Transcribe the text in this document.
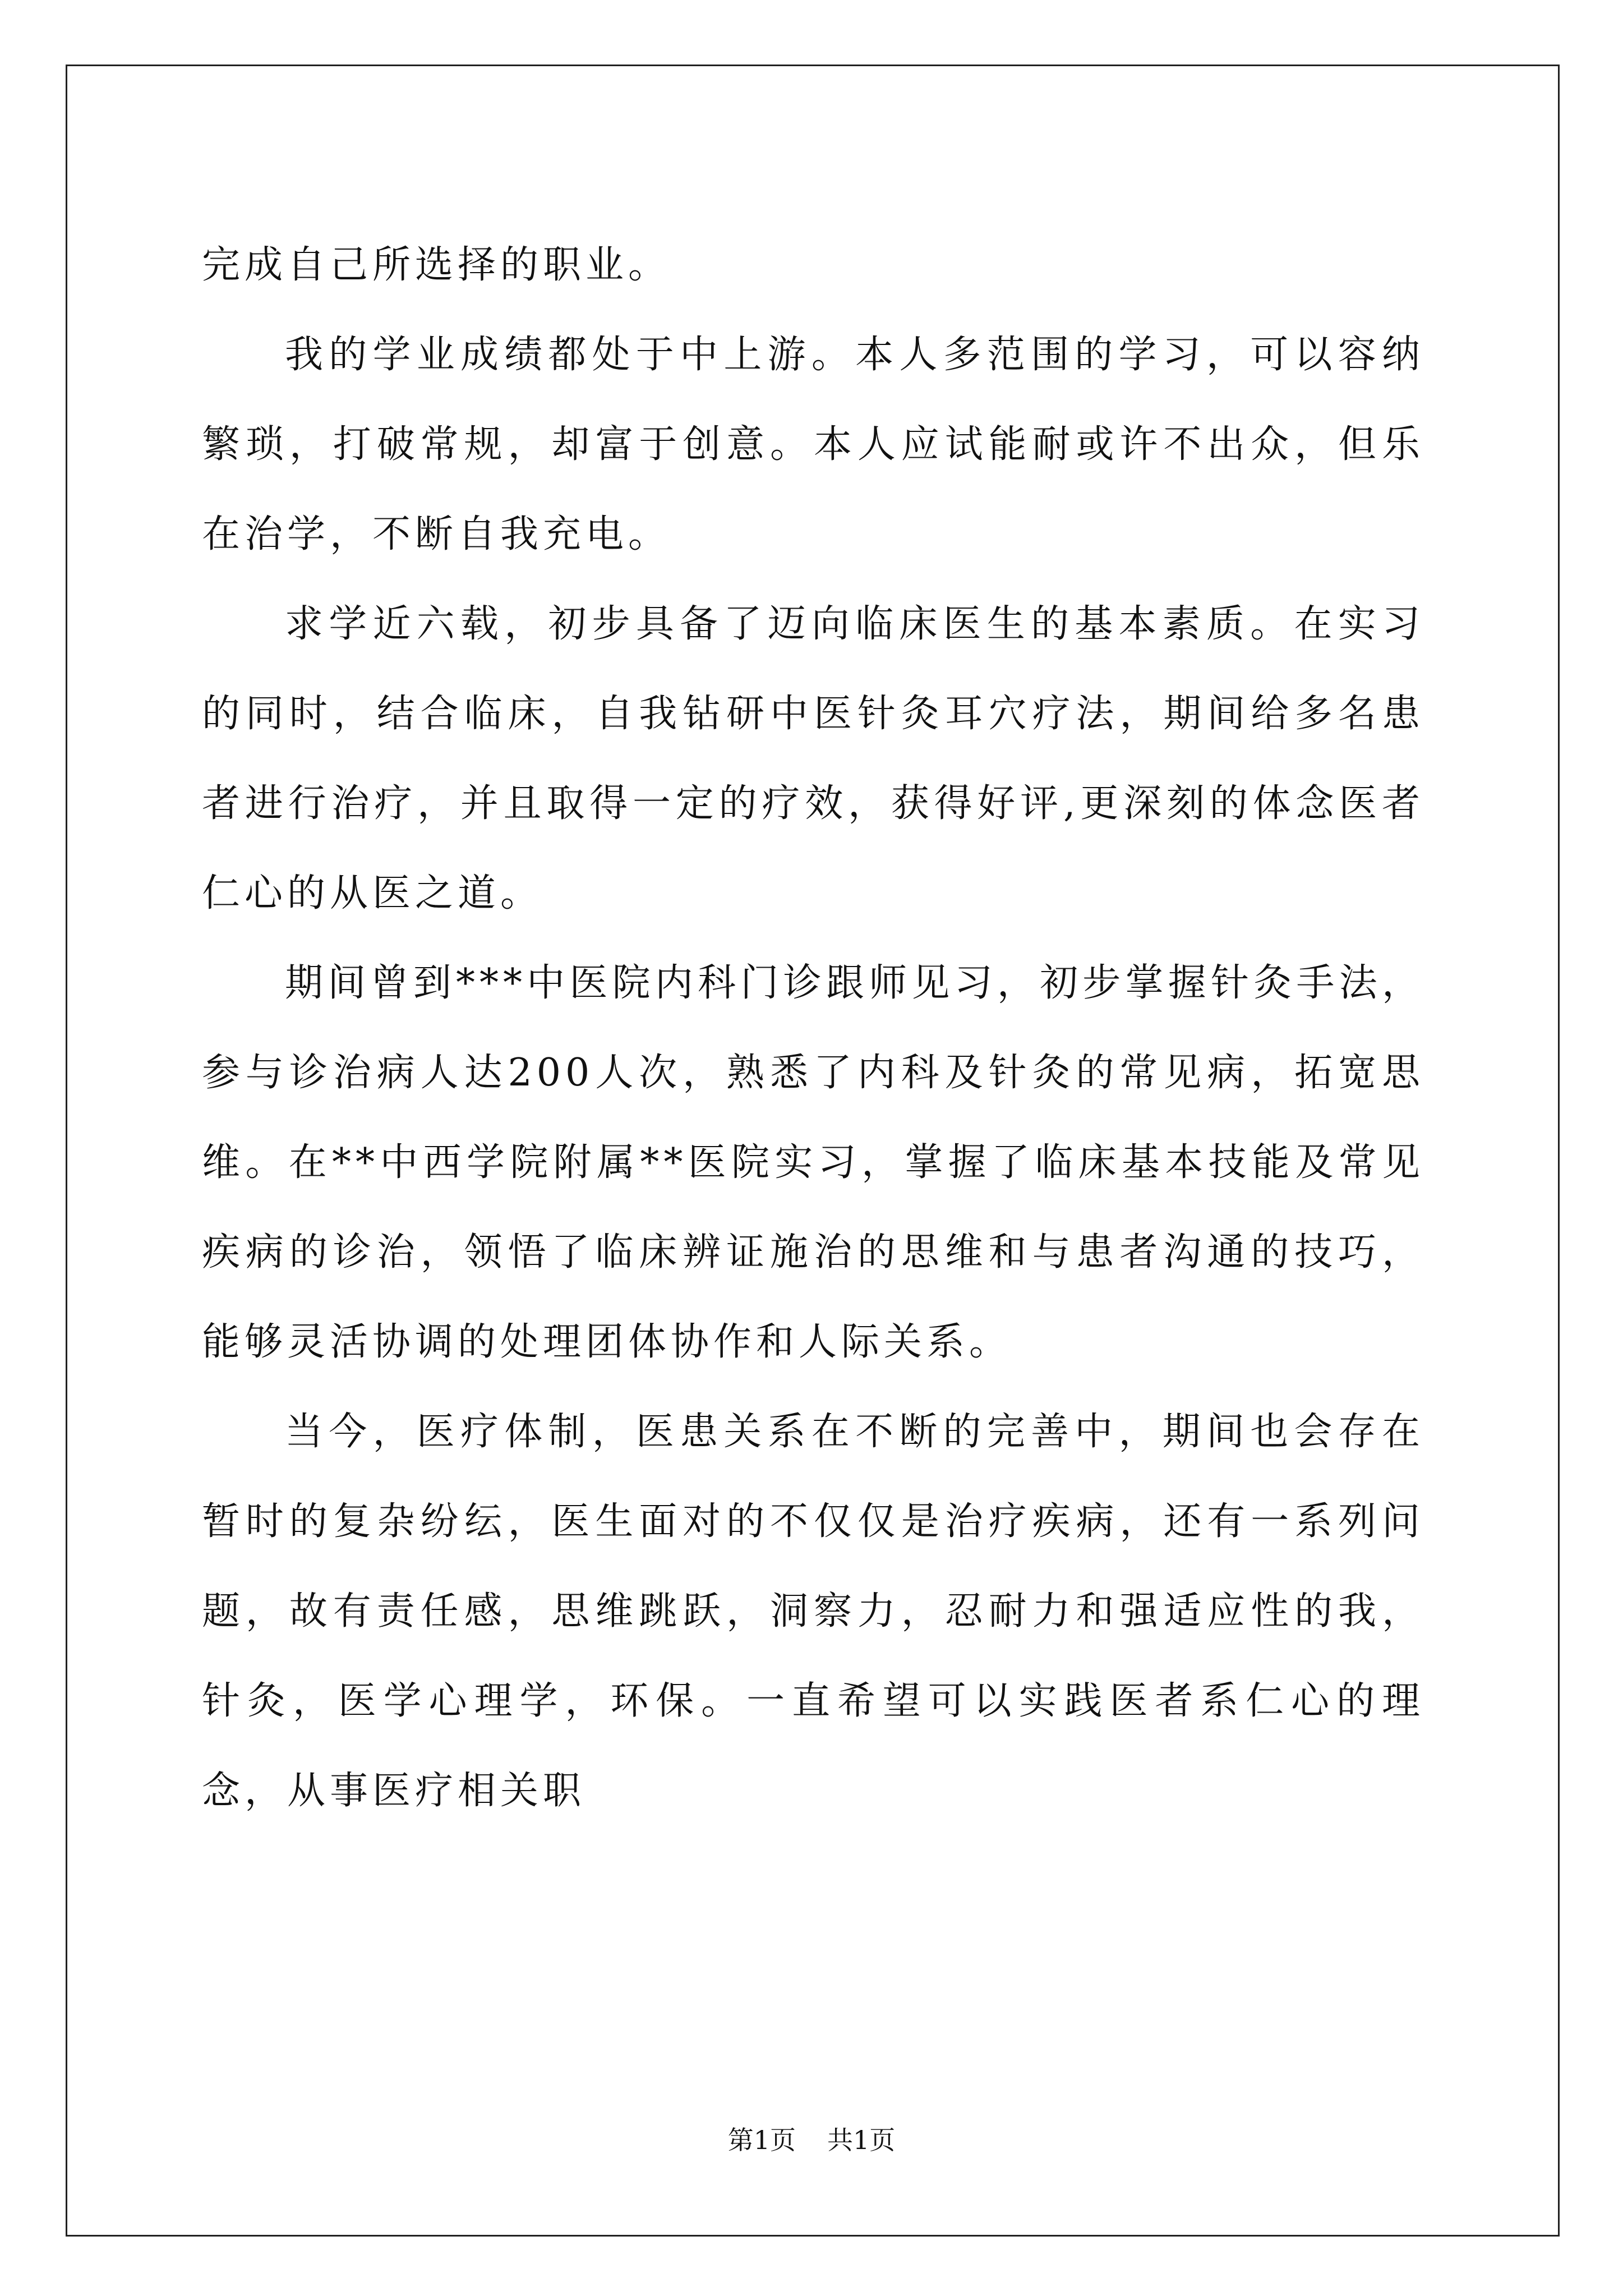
完成自己所选择的职业。

我的学业成绩都处于中上游。本人多范围的学习，可以容纳繁琐，打破常规，却富于创意。本人应试能耐或许不出众，但乐在治学，不断自我充电。

求学近六载，初步具备了迈向临床医生的基本素质。在实习的同时，结合临床，自我钻研中医针灸耳穴疗法，期间给多名患者进行治疗，并且取得一定的疗效，获得好评,更深刻的体念医者仁心的从医之道。

期间曾到***中医院内科门诊跟师见习，初步掌握针灸手法，参与诊治病人达200人次，熟悉了内科及针灸的常见病，拓宽思维。在**中西学院附属**医院实习，掌握了临床基本技能及常见疾病的诊治，领悟了临床辨证施治的思维和与患者沟通的技巧，能够灵活协调的处理团体协作和人际关系。

当今，医疗体制，医患关系在不断的完善中，期间也会存在暂时的复杂纷纭，医生面对的不仅仅是治疗疾病，还有一系列问题，故有责任感，思维跳跃，洞察力，忍耐力和强适应性的我，针灸，医学心理学，环保。一直希望可以实践医者系仁心的理念，从事医疗相关职

第1页 共1页
